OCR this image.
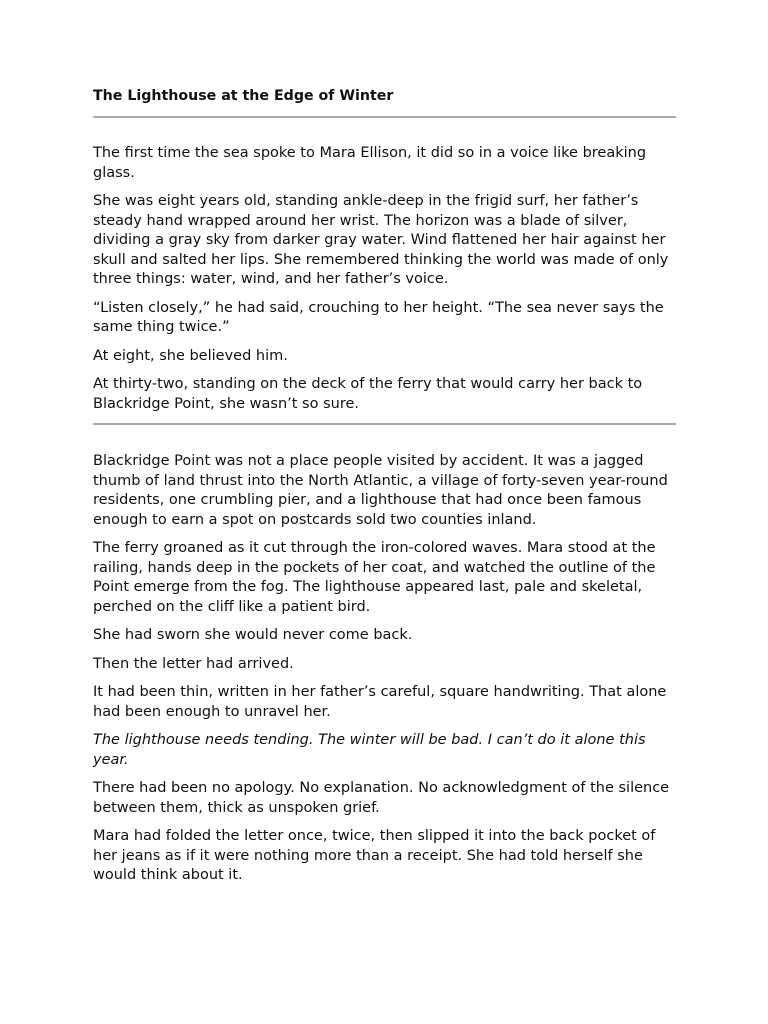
The Lighthouse at the Edge of Winter

The first time the sea spoke to Mara Ellison, it did so in a voice like breaking glass.

She was eight years old, standing ankle-deep in the frigid surf, her father’s steady hand wrapped around her wrist. The horizon was a blade of silver, dividing a gray sky from darker gray water. Wind flattened her hair against her skull and salted her lips. She remembered thinking the world was made of only three things: water, wind, and her father’s voice.

“Listen closely,” he had said, crouching to her height. “The sea never says the same thing twice.”

At eight, she believed him.

At thirty-two, standing on the deck of the ferry that would carry her back to Blackridge Point, she wasn’t so sure.

Blackridge Point was not a place people visited by accident. It was a jagged thumb of land thrust into the North Atlantic, a village of forty-seven year-round residents, one crumbling pier, and a lighthouse that had once been famous enough to earn a spot on postcards sold two counties inland.

The ferry groaned as it cut through the iron-colored waves. Mara stood at the railing, hands deep in the pockets of her coat, and watched the outline of the Point emerge from the fog. The lighthouse appeared last, pale and skeletal, perched on the cliff like a patient bird.

She had sworn she would never come back.

Then the letter had arrived.

It had been thin, written in her father’s careful, square handwriting. That alone had been enough to unravel her.

The lighthouse needs tending. The winter will be bad. I can’t do it alone this year.

There had been no apology. No explanation. No acknowledgment of the silence between them, thick as unspoken grief.

Mara had folded the letter once, twice, then slipped it into the back pocket of her jeans as if it were nothing more than a receipt. She had told herself she would think about it.
